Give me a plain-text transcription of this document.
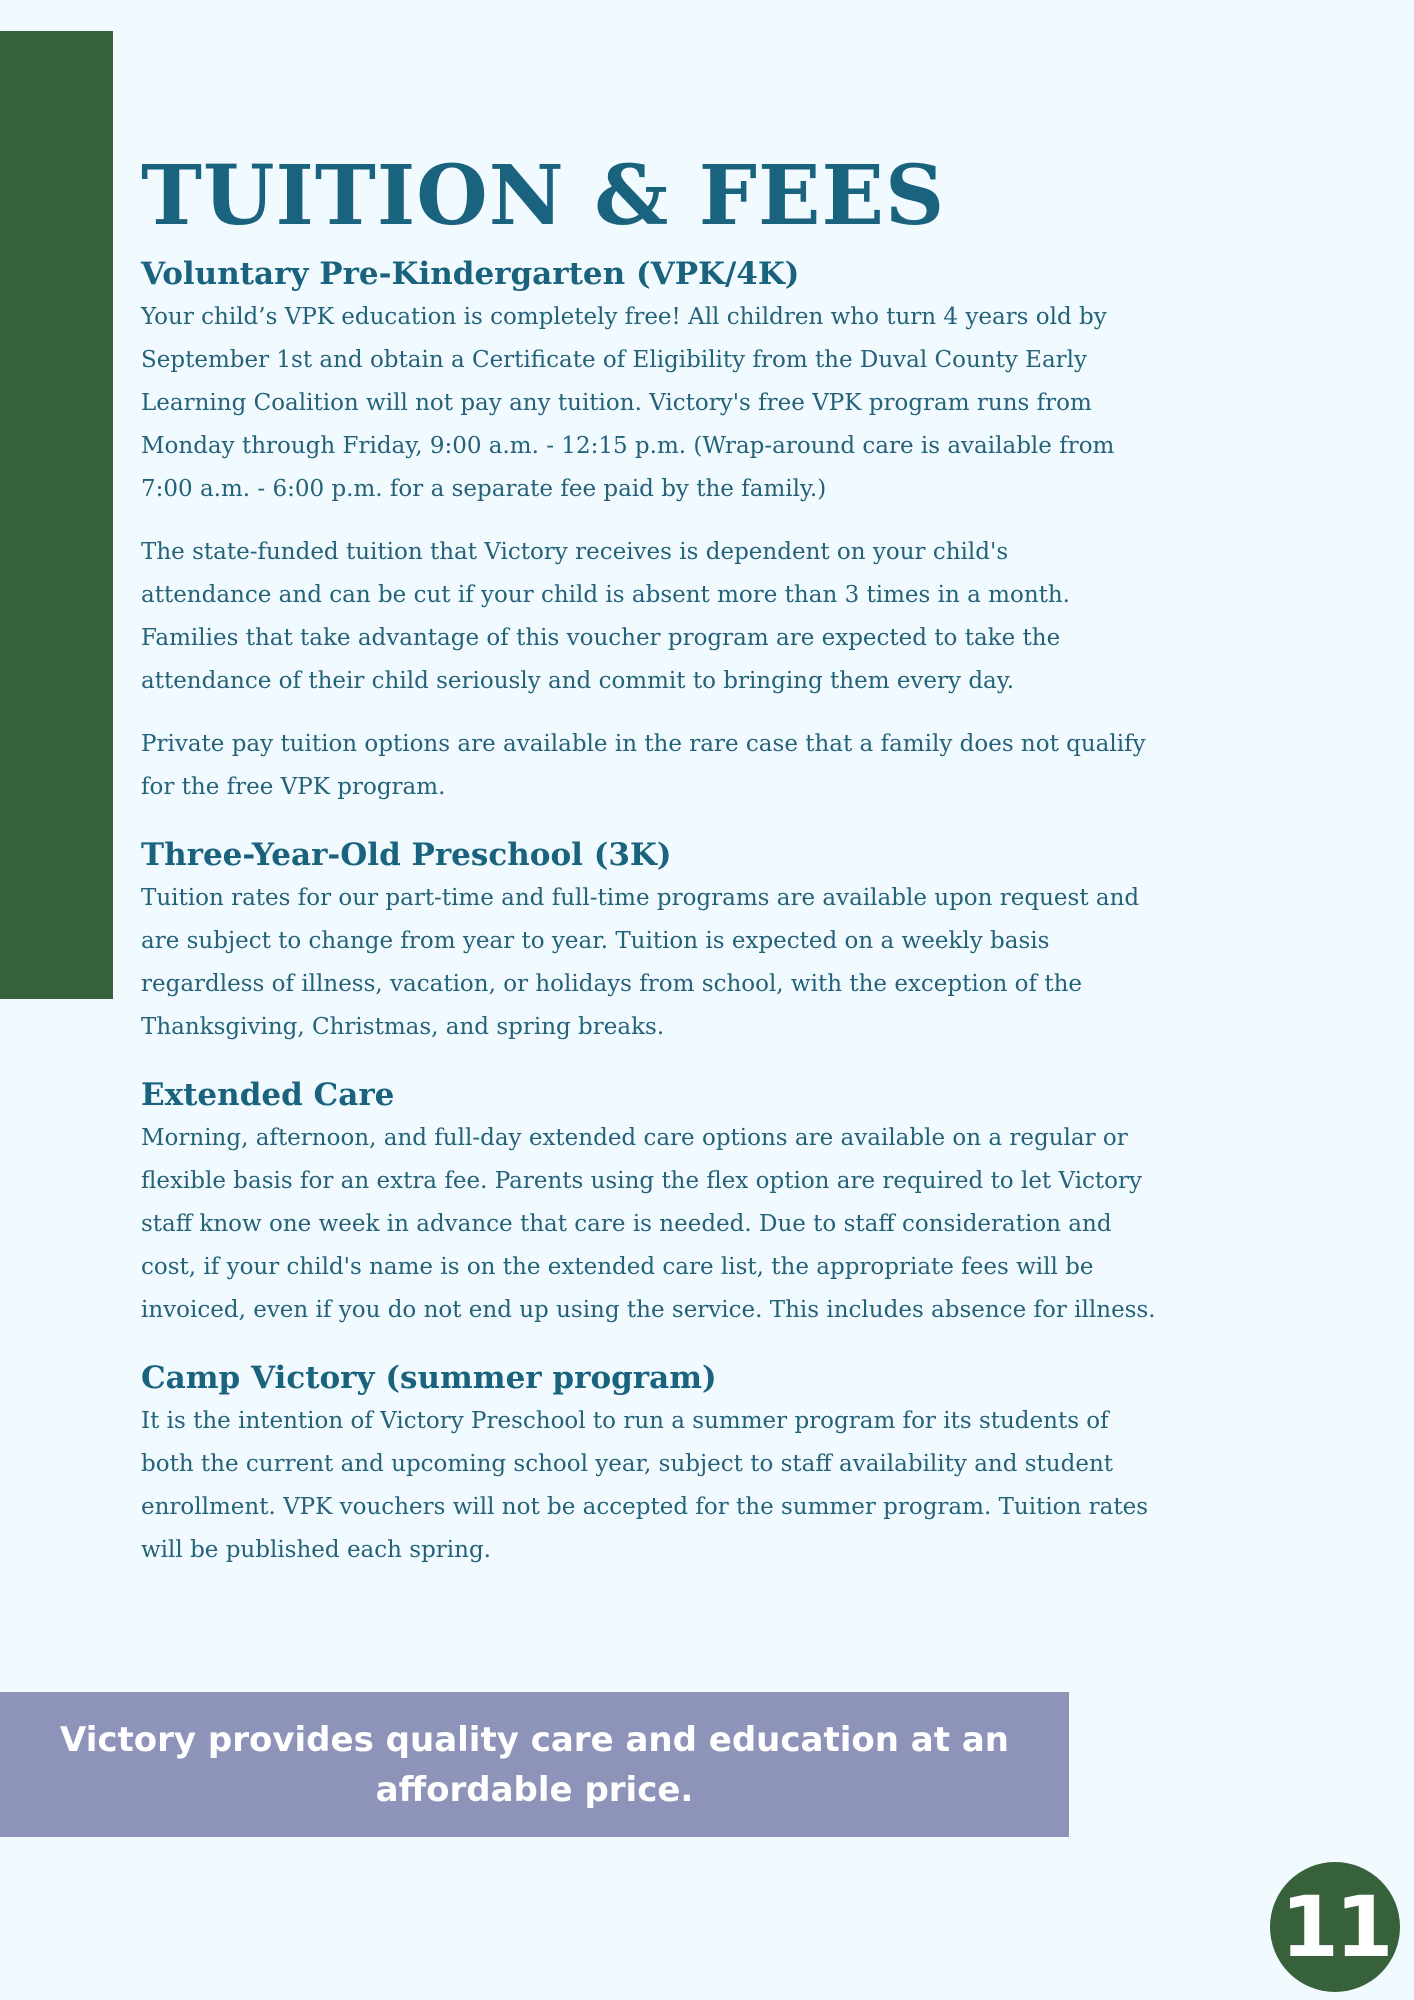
TUITION & FEES
Voluntary Pre-Kindergarten (VPK/4K)

Your child’s VPK education is completely free! All children who turn 4 years old by
September 1st and obtain a Certificate of Eligibility from the Duval County Early
Learning Coalition will not pay any tuition. Victory's free VPK program runs from
Monday through Friday, 9:00 a.m. - 12:15 p.m. (Wrap-around care is available from
7:00 a.m. - 6:00 p.m. for a separate fee paid by the family.)

The state-funded tuition that Victory receives is dependent on your child's
attendance and can be cut if your child is absent more than 3 times in a month.
Families that take advantage of this voucher program are expected to take the
attendance of their child seriously and commit to bringing them every day.

Private pay tuition options are available in the rare case that a family does not qualify
for the free VPK program.

Three-Year-Old Preschool (3K)

Tuition rates for our part-time and full-time programs are available upon request and
are subject to change from year to year. Tuition is expected on a weekly basis
regardless of illness, vacation, or holidays from school, with the exception of the
Thanksgiving, Christmas, and spring breaks.

Extended Care

Morning, afternoon, and full-day extended care options are available on a regular or
flexible basis for an extra fee. Parents using the flex option are required to let Victory
staff know one week in advance that care is needed. Due to staff consideration and
cost, if your child's name is on the extended care list, the appropriate fees will be
invoiced, even if you do not end up using the service. This includes absence for illness.

Camp Victory (summer program)

It is the intention of Victory Preschool to run a summer program for its students of
both the current and upcoming school year, subject to staff availability and student
enrollment. VPK vouchers will not be accepted for the summer program. Tuition rates
will be published each spring.

Victory provides quality care and education at an
affordable price.
11
